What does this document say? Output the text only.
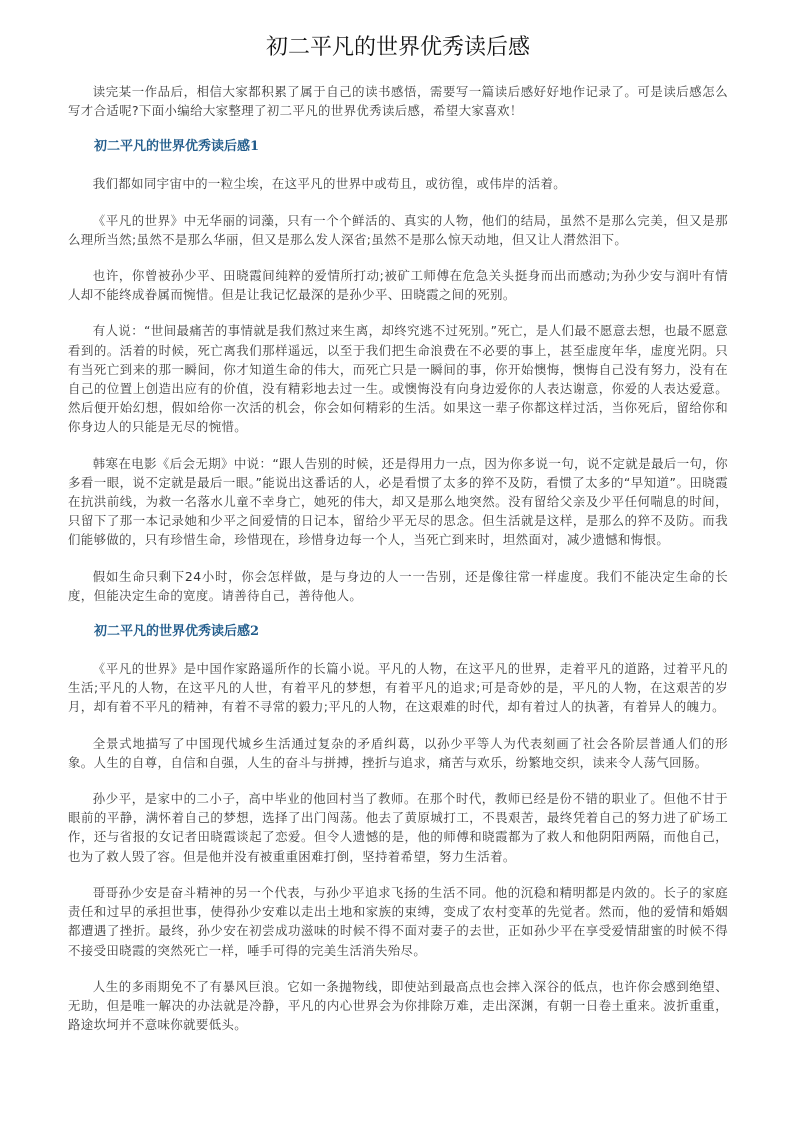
初二平凡的世界优秀读后感

读完某一作品后，相信大家都积累了属于自己的读书感悟，需要写一篇读后感好好地作记录了。可是读后感怎么写才合适呢?下面小编给大家整理了初二平凡的世界优秀读后感，希望大家喜欢！

初二平凡的世界优秀读后感1

我们都如同宇宙中的一粒尘埃，在这平凡的世界中或苟且，或彷徨，或伟岸的活着。

《平凡的世界》中无华丽的词藻，只有一个个鲜活的、真实的人物，他们的结局，虽然不是那么完美，但又是那么理所当然;虽然不是那么华丽，但又是那么发人深省;虽然不是那么惊天动地，但又让人潸然泪下。

也许，你曾被孙少平、田晓霞间纯粹的爱情所打动;被矿工师傅在危急关头挺身而出而感动;为孙少安与润叶有情人却不能终成眷属而惋惜。但是让我记忆最深的是孙少平、田晓霞之间的死别。

有人说：“世间最痛苦的事情就是我们熬过来生离，却终究逃不过死别。”死亡，是人们最不愿意去想，也最不愿意看到的。活着的时候，死亡离我们那样遥远，以至于我们把生命浪费在不必要的事上，甚至虚度年华，虚度光阴。只有当死亡到来的那一瞬间，你才知道生命的伟大，而死亡只是一瞬间的事，你开始懊悔，懊悔自己没有努力，没有在自己的位置上创造出应有的价值，没有精彩地去过一生。或懊悔没有向身边爱你的人表达谢意，你爱的人表达爱意。然后便开始幻想，假如给你一次活的机会，你会如何精彩的生活。如果这一辈子你都这样过活，当你死后，留给你和你身边人的只能是无尽的惋惜。

韩寒在电影《后会无期》中说：“跟人告别的时候，还是得用力一点，因为你多说一句，说不定就是最后一句，你多看一眼，说不定就是最后一眼。”能说出这番话的人，必是看惯了太多的猝不及防，看惯了太多的“早知道”。田晓霞在抗洪前线，为救一名落水儿童不幸身亡，她死的伟大，却又是那么地突然。没有留给父亲及少平任何喘息的时间，只留下了那一本记录她和少平之间爱情的日记本，留给少平无尽的思念。但生活就是这样，是那么的猝不及防。而我们能够做的，只有珍惜生命，珍惜现在，珍惜身边每一个人，当死亡到来时，坦然面对，减少遗憾和悔恨。

假如生命只剩下24小时，你会怎样做，是与身边的人一一告别，还是像往常一样虚度。我们不能决定生命的长度，但能决定生命的宽度。请善待自己，善待他人。

初二平凡的世界优秀读后感2

《平凡的世界》是中国作家路遥所作的长篇小说。平凡的人物，在这平凡的世界，走着平凡的道路，过着平凡的生活;平凡的人物，在这平凡的人世，有着平凡的梦想，有着平凡的追求;可是奇妙的是，平凡的人物，在这艰苦的岁月，却有着不平凡的精神，有着不寻常的毅力;平凡的人物，在这艰难的时代，却有着过人的执著，有着异人的魄力。

全景式地描写了中国现代城乡生活通过复杂的矛盾纠葛，以孙少平等人为代表刻画了社会各阶层普通人们的形象。人生的自尊，自信和自强，人生的奋斗与拼搏，挫折与追求，痛苦与欢乐，纷繁地交织，读来令人荡气回肠。

孙少平，是家中的二小子，高中毕业的他回村当了教师。在那个时代，教师已经是份不错的职业了。但他不甘于眼前的平静，满怀着自己的梦想，选择了出门闯荡。他去了黄原城打工，不畏艰苦，最终凭着自己的努力进了矿场工作，还与省报的女记者田晓霞谈起了恋爱。但令人遗憾的是，他的师傅和晓霞都为了救人和他阴阳两隔，而他自己，也为了救人毁了容。但是他并没有被重重困难打倒，坚持着希望，努力生活着。

哥哥孙少安是奋斗精神的另一个代表，与孙少平追求飞扬的生活不同。他的沉稳和精明都是内敛的。长子的家庭责任和过早的承担世事，使得孙少安难以走出土地和家族的束缚，变成了农村变革的先觉者。然而，他的爱情和婚姻都遭遇了挫折。最终，孙少安在初尝成功滋味的时候不得不面对妻子的去世，正如孙少平在享受爱情甜蜜的时候不得不接受田晓霞的突然死亡一样，唾手可得的完美生活消失殆尽。

人生的多雨期免不了有暴风巨浪。它如一条抛物线，即使站到最高点也会摔入深谷的低点，也许你会感到绝望、无助，但是唯一解决的办法就是冷静，平凡的内心世界会为你排除万难，走出深渊，有朝一日卷土重来。波折重重，路途坎坷并不意味你就要低头。
